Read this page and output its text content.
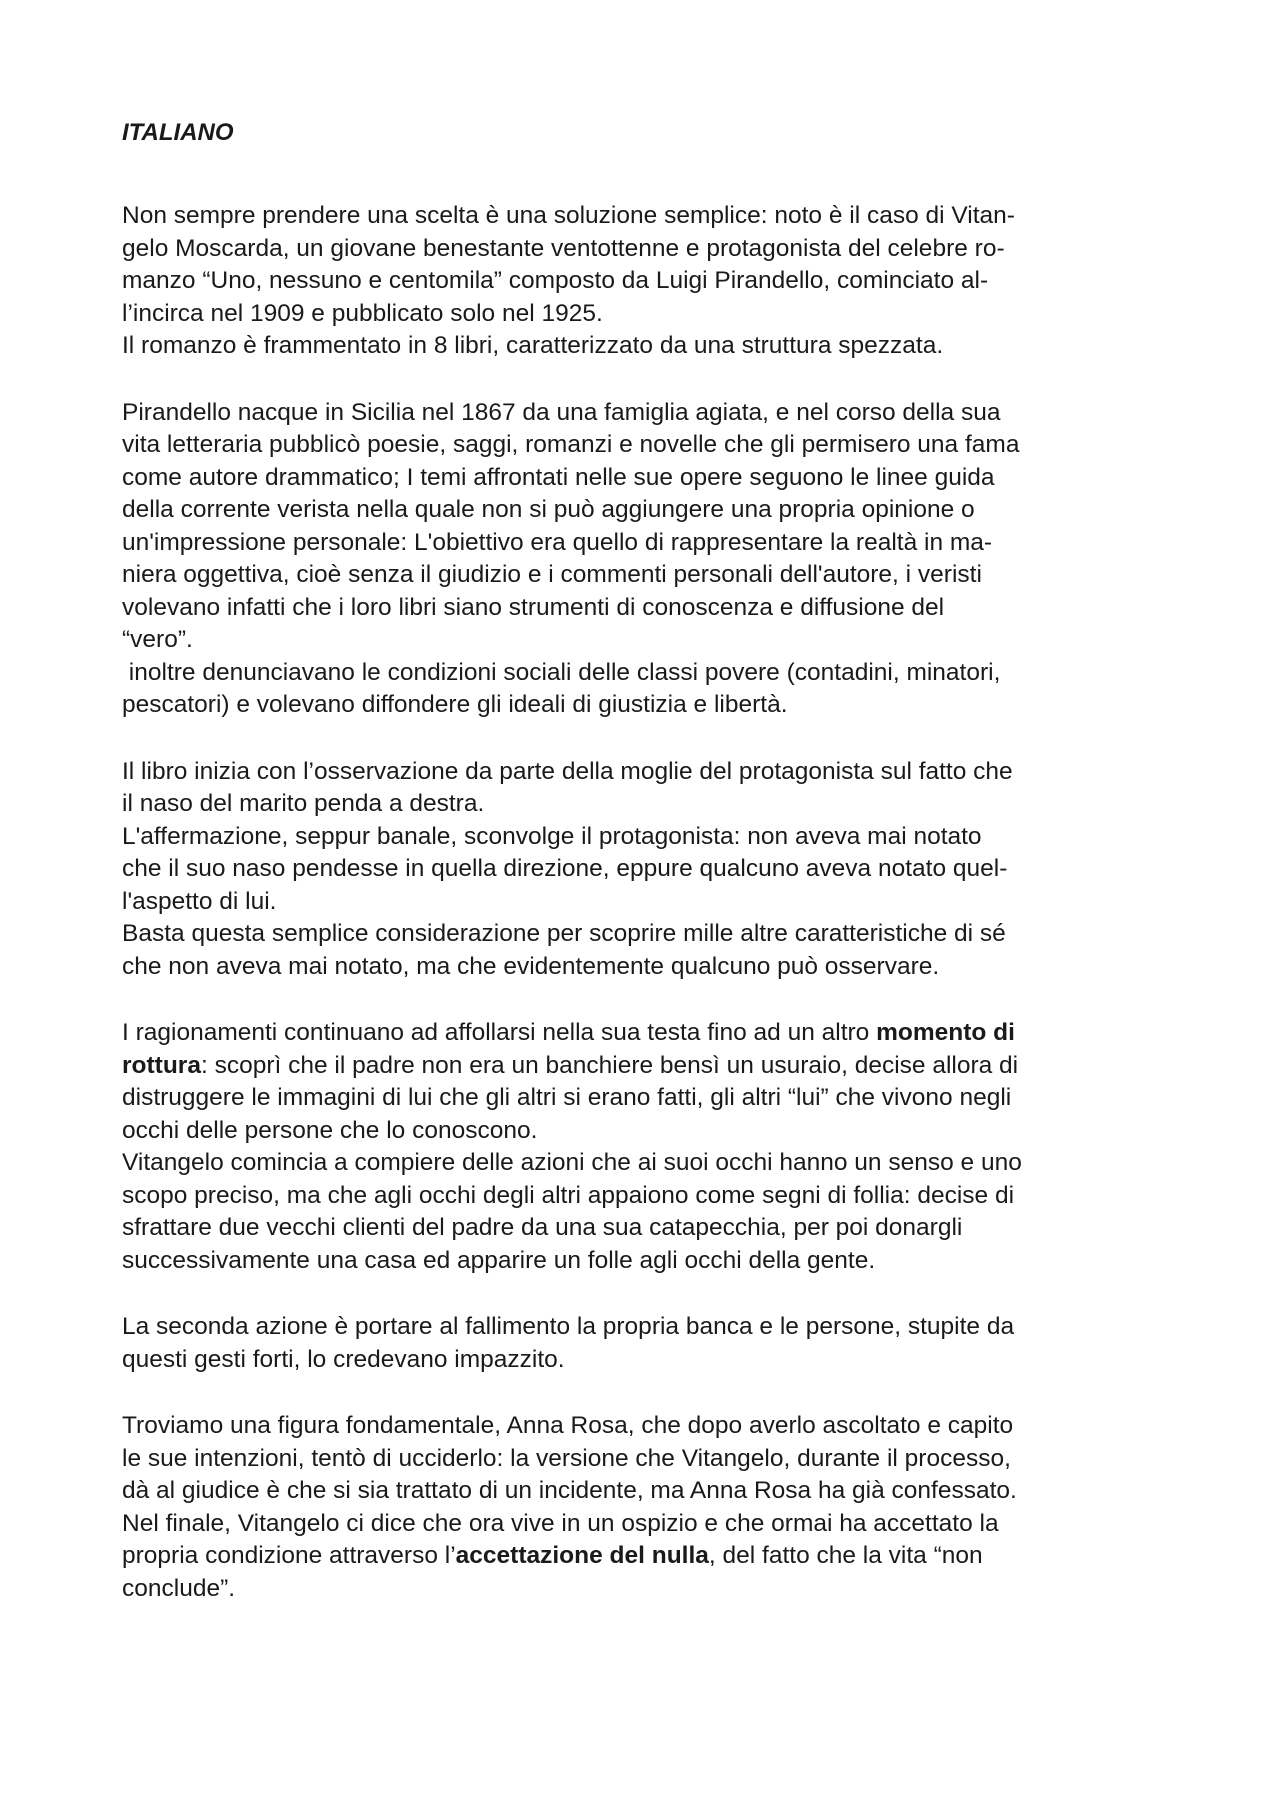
ITALIANO

Non sempre prendere una scelta è una soluzione semplice: noto è il caso di Vitan-
gelo Moscarda, un giovane benestante ventottenne e protagonista del celebre ro-
manzo “Uno, nessuno e centomila” composto da Luigi Pirandello, cominciato al-
l’incirca nel 1909 e pubblicato solo nel 1925.
Il romanzo è frammentato in 8 libri, caratterizzato da una struttura spezzata.

Pirandello nacque in Sicilia nel 1867 da una famiglia agiata, e nel corso della sua
vita letteraria pubblicò poesie, saggi, romanzi e novelle che gli permisero una fama
come autore drammatico; I temi affrontati nelle sue opere seguono le linee guida
della corrente verista nella quale non si può aggiungere una propria opinione o
un'impressione personale: L'obiettivo era quello di rappresentare la realtà in ma-
niera oggettiva, cioè senza il giudizio e i commenti personali dell'autore, i veristi
volevano infatti che i loro libri siano strumenti di conoscenza e diffusione del
“vero”.
inoltre denunciavano le condizioni sociali delle classi povere (contadini, minatori,
pescatori) e volevano diffondere gli ideali di giustizia e libertà.

Il libro inizia con l’osservazione da parte della moglie del protagonista sul fatto che
il naso del marito penda a destra.
L'affermazione, seppur banale, sconvolge il protagonista: non aveva mai notato
che il suo naso pendesse in quella direzione, eppure qualcuno aveva notato quel-
l'aspetto di lui.
Basta questa semplice considerazione per scoprire mille altre caratteristiche di sé
che non aveva mai notato, ma che evidentemente qualcuno può osservare.

I ragionamenti continuano ad affollarsi nella sua testa fino ad un altro momento di
rottura: scoprì che il padre non era un banchiere bensì un usuraio, decise allora di
distruggere le immagini di lui che gli altri si erano fatti, gli altri “lui” che vivono negli
occhi delle persone che lo conoscono.
Vitangelo comincia a compiere delle azioni che ai suoi occhi hanno un senso e uno
scopo preciso, ma che agli occhi degli altri appaiono come segni di follia: decise di
sfrattare due vecchi clienti del padre da una sua catapecchia, per poi donargli
successivamente una casa ed apparire un folle agli occhi della gente.

La seconda azione è portare al fallimento la propria banca e le persone, stupite da
questi gesti forti, lo credevano impazzito.

Troviamo una figura fondamentale, Anna Rosa, che dopo averlo ascoltato e capito
le sue intenzioni, tentò di ucciderlo: la versione che Vitangelo, durante il processo,
dà al giudice è che si sia trattato di un incidente, ma Anna Rosa ha già confessato.
Nel finale, Vitangelo ci dice che ora vive in un ospizio e che ormai ha accettato la
propria condizione attraverso l’accettazione del nulla, del fatto che la vita “non
conclude”.
